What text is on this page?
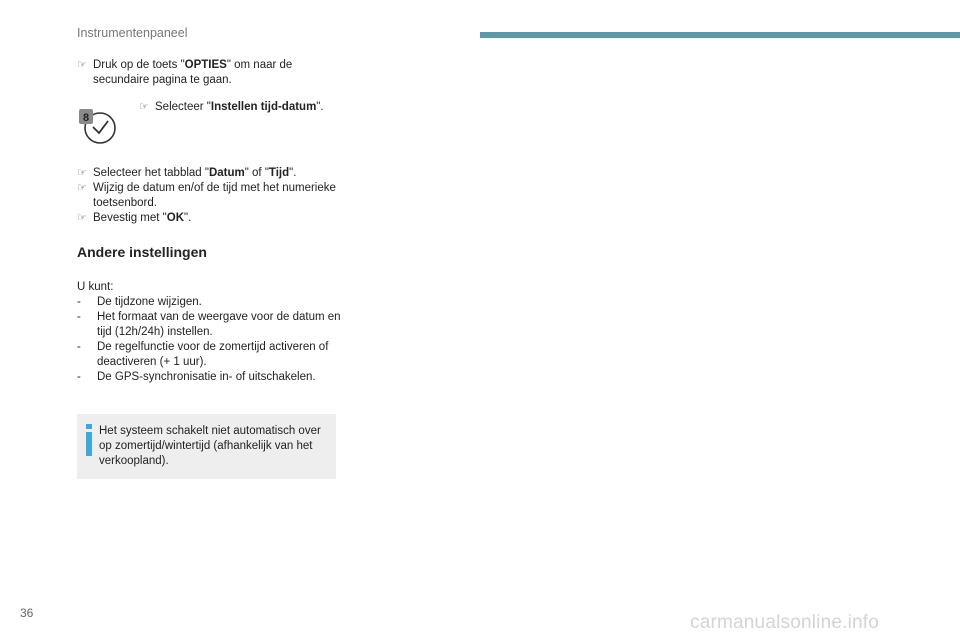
Instrumentenpaneel
☞ Druk op de toets "OPTIES" om naar de secundaire pagina te gaan.
8
☞ Selecteer "Instellen tijd-datum".
☞ Selecteer het tabblad "Datum" of "Tijd".
☞ Wijzig de datum en/of de tijd met het numerieke toetsenbord.
☞ Bevestig met "OK".
Andere instellingen
U kunt:
- De tijdzone wijzigen.
- Het formaat van de weergave voor de datum en tijd (12h/24h) instellen.
- De regelfunctie voor de zomertijd activeren of deactiveren (+ 1 uur).
- De GPS-synchronisatie in- of uitschakelen.
Het systeem schakelt niet automatisch over op zomertijd/wintertijd (afhankelijk van het verkoopland).
36	carmanualsonline.info
